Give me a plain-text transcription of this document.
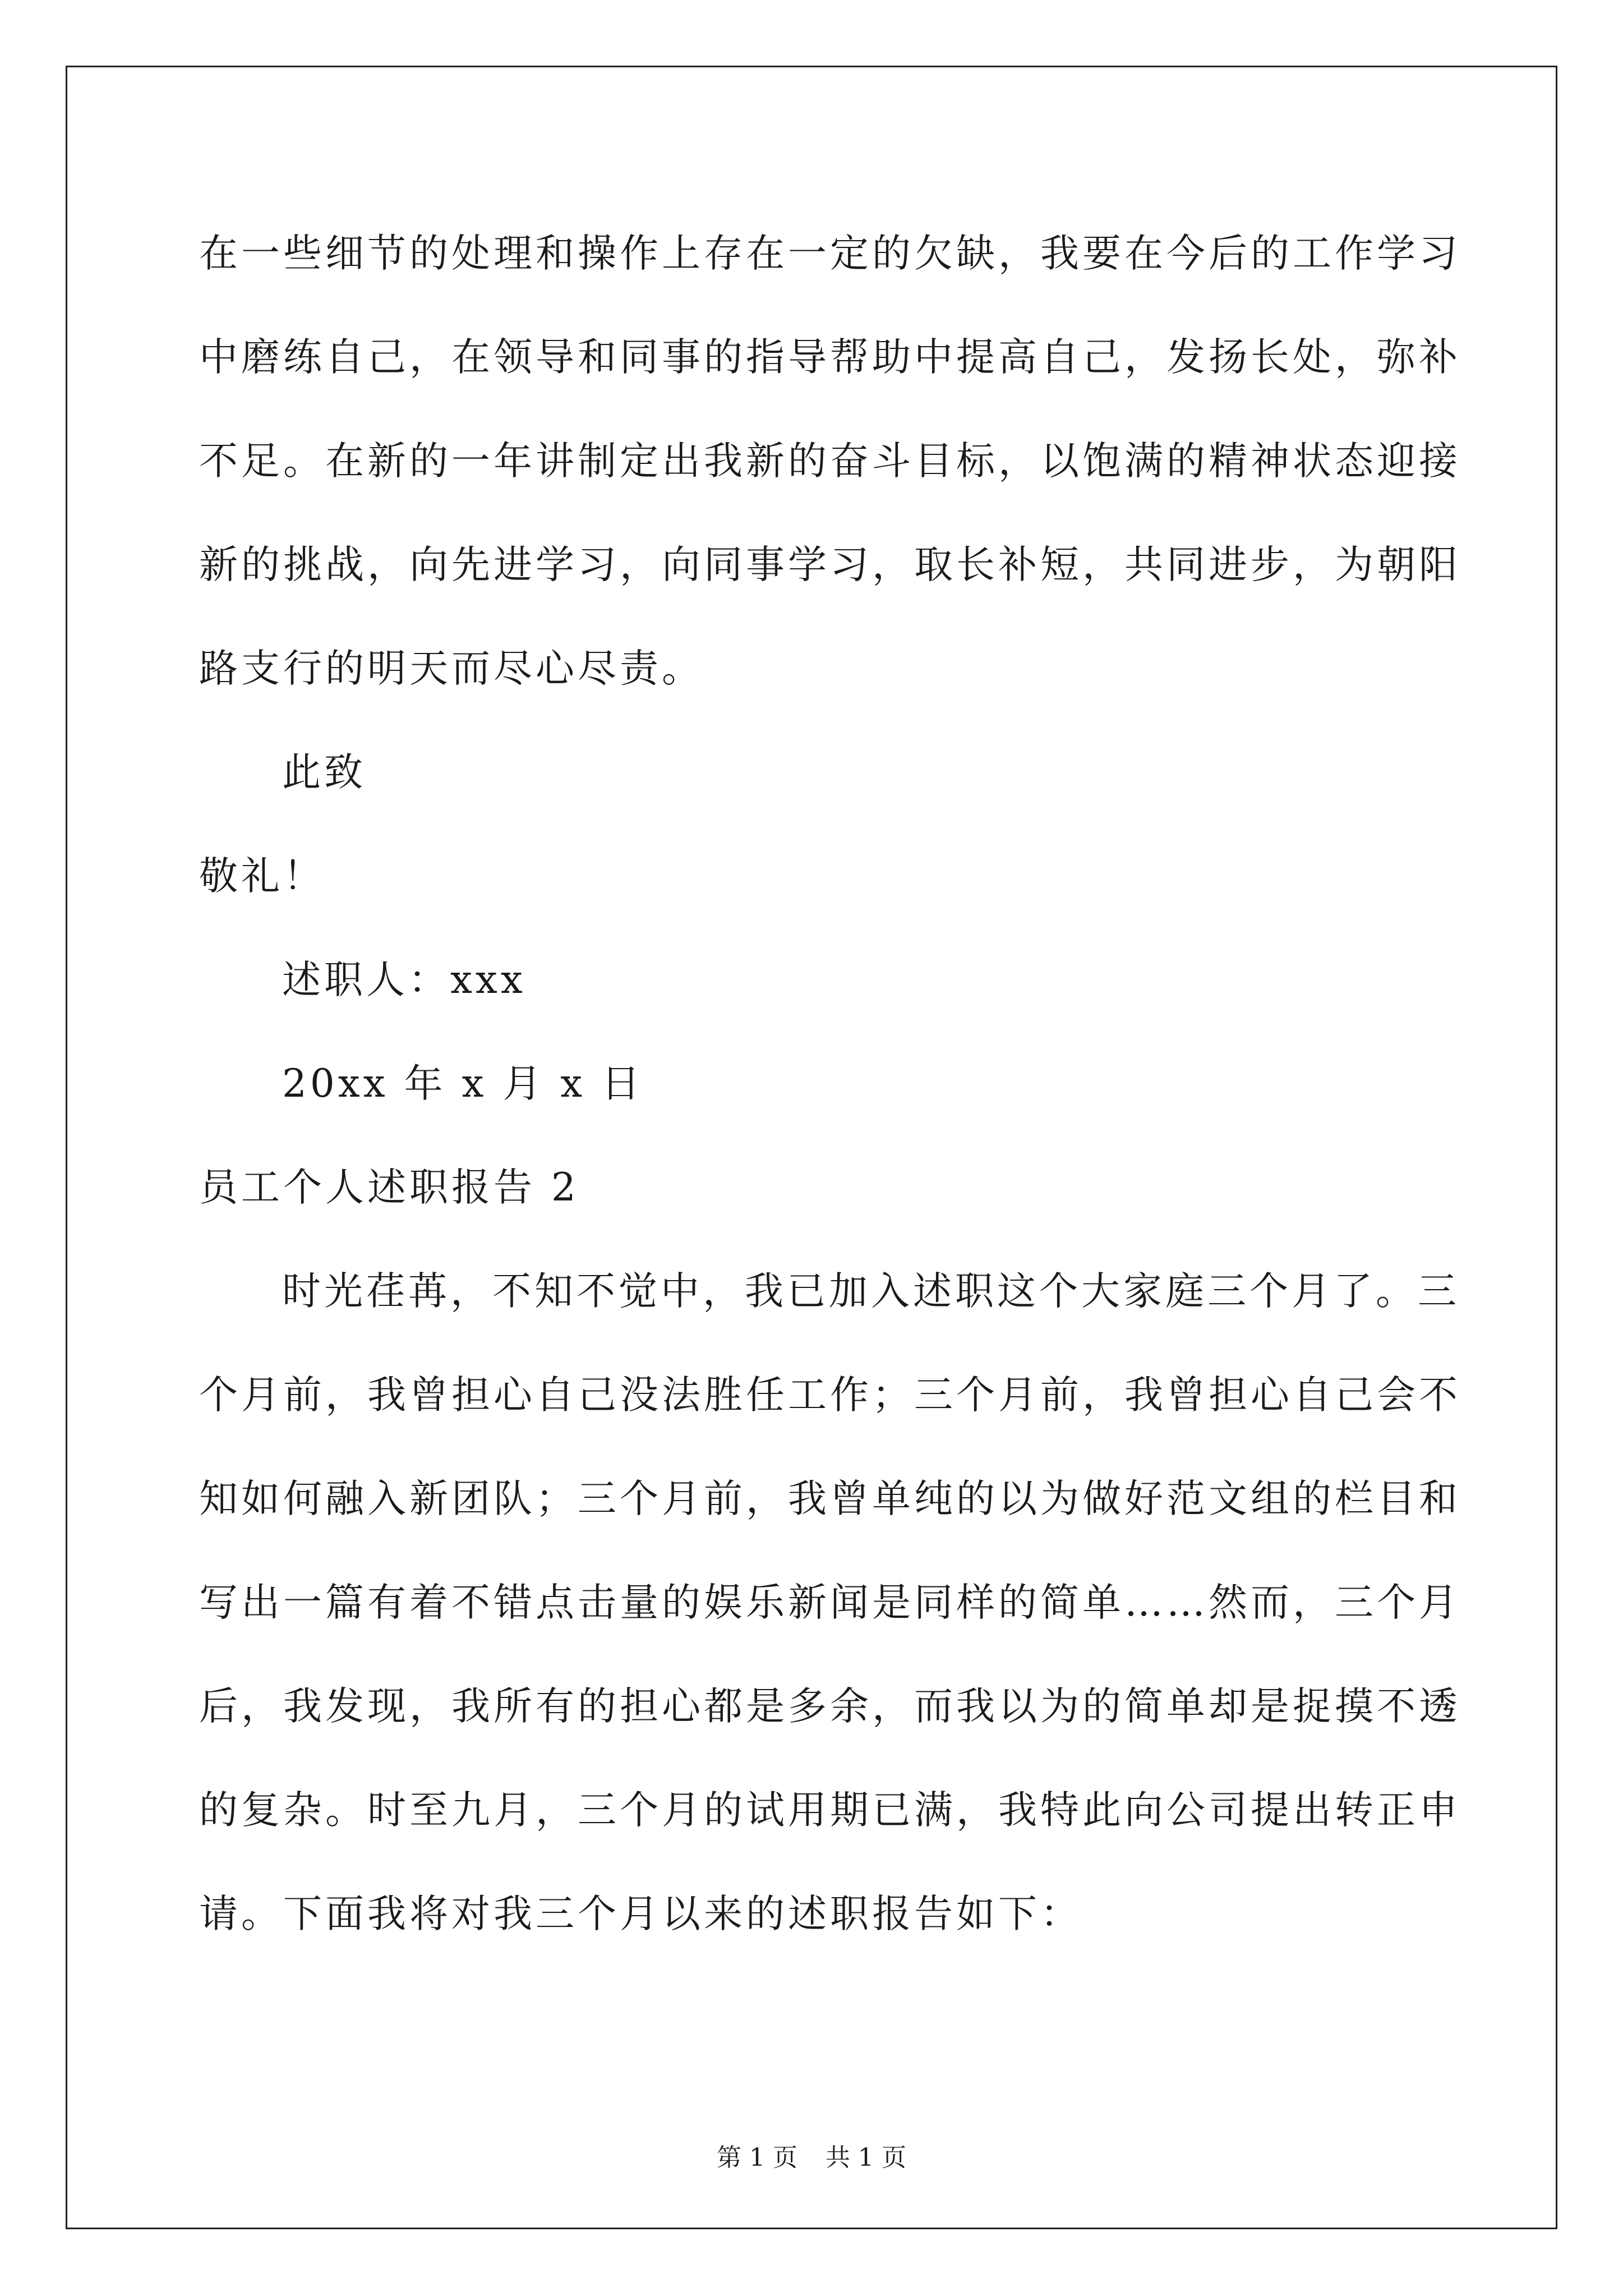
在一些细节的处理和操作上存在一定的欠缺，我要在今后的工作学习
中磨练自己，在领导和同事的指导帮助中提高自己，发扬长处，弥补
不足。在新的一年讲制定出我新的奋斗目标，以饱满的精神状态迎接
新的挑战，向先进学习，向同事学习，取长补短，共同进步，为朝阳
路支行的明天而尽心尽责。
此致
敬礼！
述职人：xxx
20xx 年 x 月 x 日
员工个人述职报告 2
时光荏苒，不知不觉中，我已加入述职这个大家庭三个月了。三
个月前，我曾担心自己没法胜任工作；三个月前，我曾担心自己会不
知如何融入新团队；三个月前，我曾单纯的以为做好范文组的栏目和
写出一篇有着不错点击量的娱乐新闻是同样的简单……然而，三个月
后，我发现，我所有的担心都是多余，而我以为的简单却是捉摸不透
的复杂。时至九月，三个月的试用期已满，我特此向公司提出转正申
请。下面我将对我三个月以来的述职报告如下：
第 1 页 共 1 页
